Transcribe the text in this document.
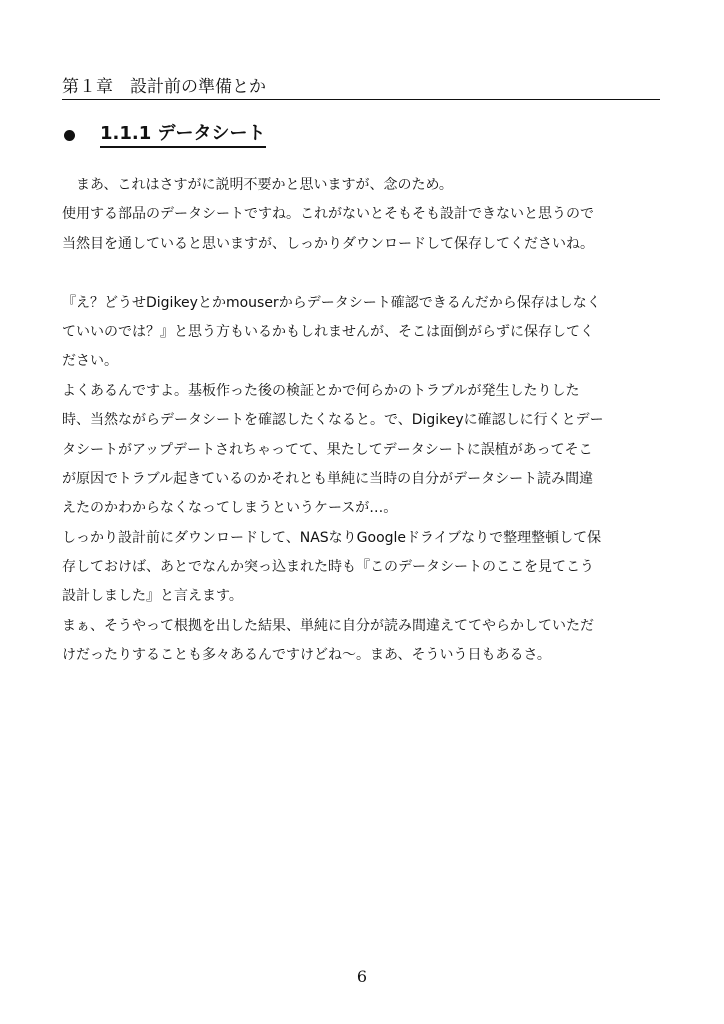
第１章　設計前の準備とか
1.1.1 データシート
　まあ、これはさすがに説明不要かと思いますが、念のため。
使用する部品のデータシートですね。これがないとそもそも設計できないと思うので
当然目を通していると思いますが、しっかりダウンロードして保存してくださいね。
『え？どうせDigikeyとかmouserからデータシート確認できるんだから保存はしなく
ていいのでは？』と思う方もいるかもしれませんが、そこは面倒がらずに保存してく
ださい。
よくあるんですよ。基板作った後の検証とかで何らかのトラブルが発生したりした
時、当然ながらデータシートを確認したくなると。で、Digikeyに確認しに行くとデー
タシートがアップデートされちゃってて、果たしてデータシートに誤植があってそこ
が原因でトラブル起きているのかそれとも単純に当時の自分がデータシート読み間違
えたのかわからなくなってしまうというケースが…。
しっかり設計前にダウンロードして、NASなりGoogleドライブなりで整理整頓して保
存しておけば、あとでなんか突っ込まれた時も『このデータシートのここを見てこう
設計しました』と言えます。
まぁ、そうやって根拠を出した結果、単純に自分が読み間違えててやらかしていただ
けだったりすることも多々あるんですけどね～。まあ、そういう日もあるさ。
6
